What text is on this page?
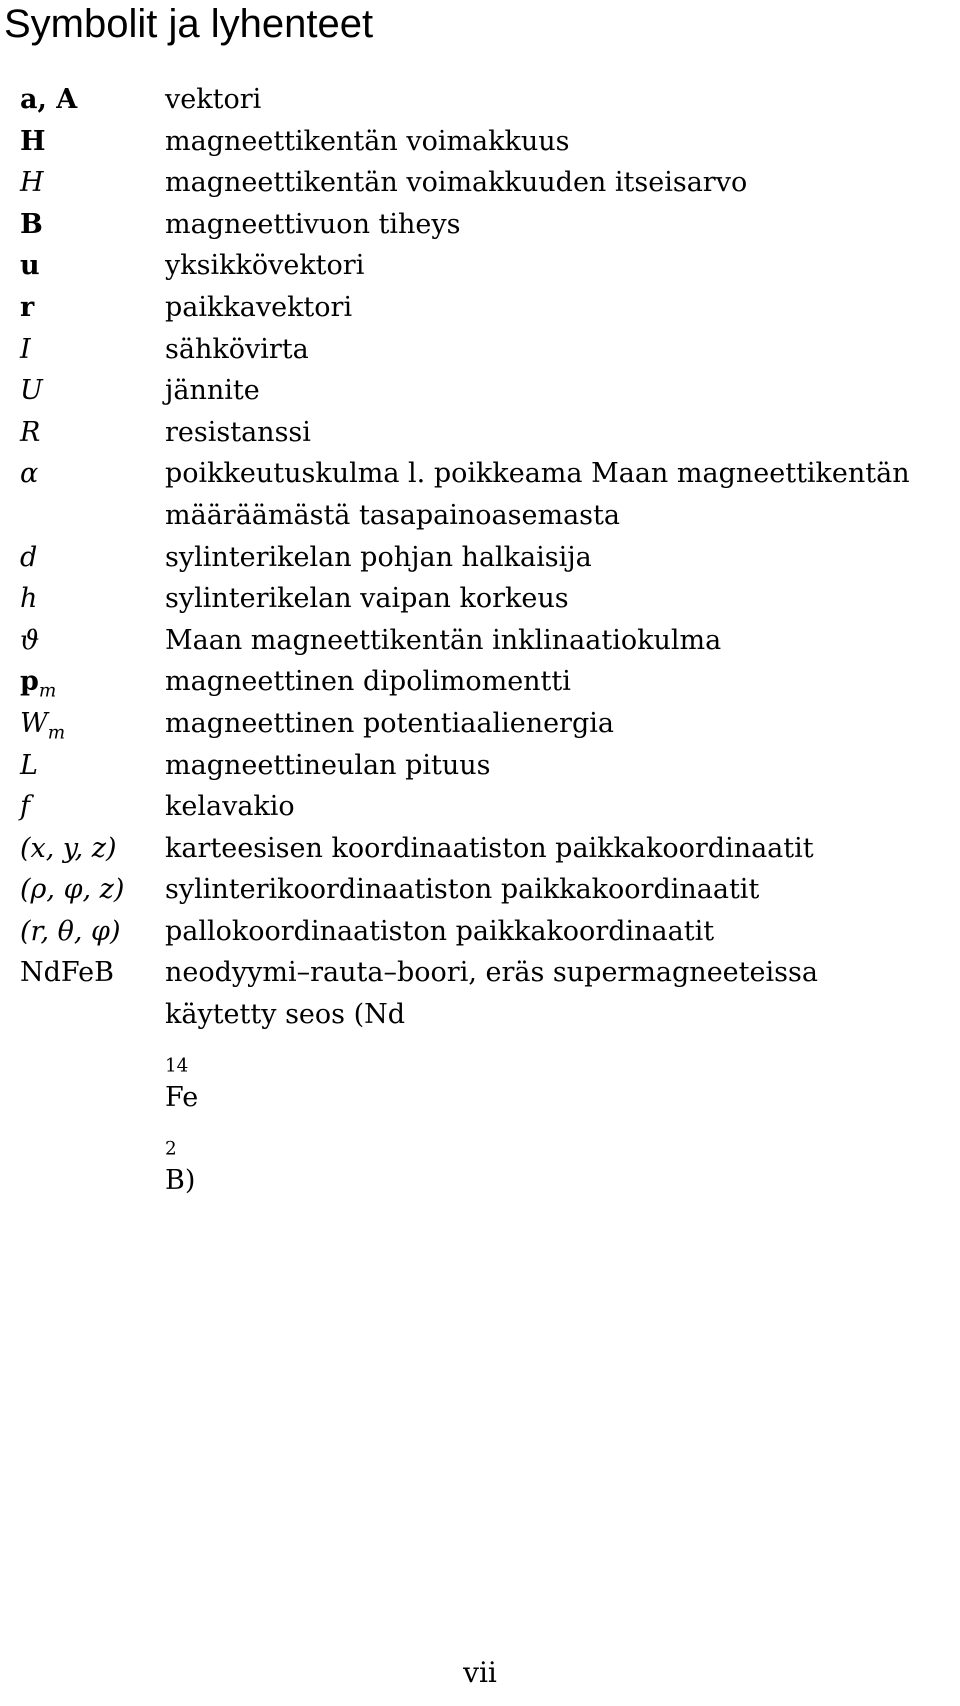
Symbolit ja lyhenteet
a, A	vektori
H	magneettikentän voimakkuus
H	magneettikentän voimakkuuden itseisarvo
B	magneettivuon tiheys
u	yksikkövektori
r	paikkavektori
I	sähkövirta
U	jännite
R	resistanssi
α	poikkeutuskulma l. poikkeama Maan magneettikentän
määräämästä tasapainoasemasta
d	sylinterikelan pohjan halkaisija
h	sylinterikelan vaipan korkeus
ϑ	Maan magneettikentän inklinaatiokulma
$p_m$	magneettinen dipolimomentti
$W_m$	magneettinen potentiaalienergia
L	magneettineulan pituus
f	kelavakio
(x, y, z)	karteesisen koordinaatiston paikkakoordinaatit
(ρ, φ, z)	sylinterikoordinaatiston paikkakoordinaatit
(r, θ, φ)	pallokoordinaatiston paikkakoordinaatit
NdFeB	neodyymi–rauta–boori, eräs supermagneeteissa
käytetty seos (Nd
$_{14}$
Fe
$_2$
B)
vii
